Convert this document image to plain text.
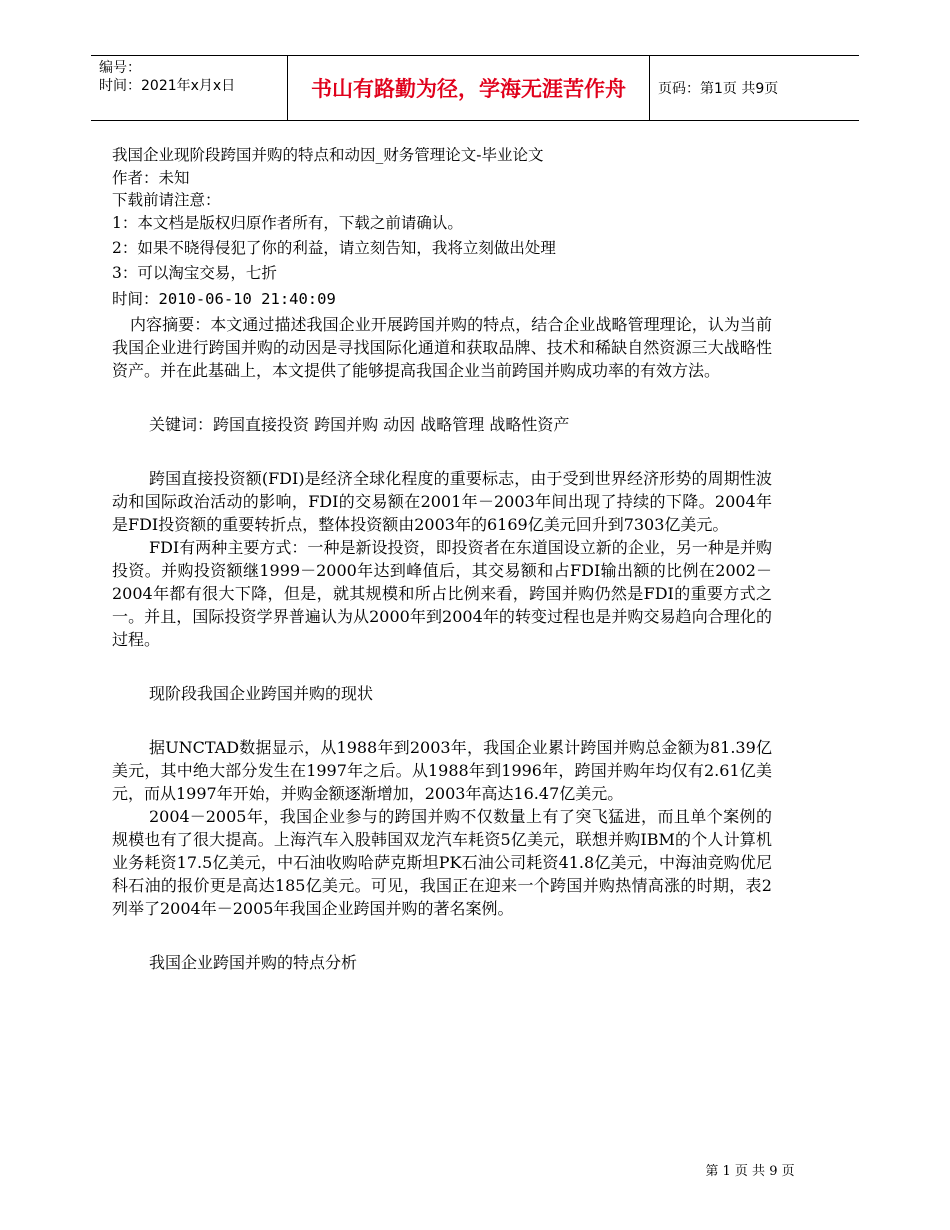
编号：
时间：2021年x月x日	书山有路勤为径，学海无涯苦作舟	页码：第1页 共9页
我国企业现阶段跨国并购的特点和动因_财务管理论文-毕业论文
作者：未知
下载前请注意：
1：本文档是版权归原作者所有，下载之前请确认。
2：如果不晓得侵犯了你的利益，请立刻告知，我将立刻做出处理
3：可以淘宝交易，七折
时间：2010-06-10 21:40:09

内容摘要：本文通过描述我国企业开展跨国并购的特点，结合企业战略管理理论，认为当前我国企业进行跨国并购的动因是寻找国际化通道和获取品牌、技术和稀缺自然资源三大战略性资产。并在此基础上，本文提供了能够提高我国企业当前跨国并购成功率的有效方法。

关键词：跨国直接投资 跨国并购 动因 战略管理 战略性资产

跨国直接投资额(FDI)是经济全球化程度的重要标志，由于受到世界经济形势的周期性波动和国际政治活动的影响，FDI的交易额在2001年－2003年间出现了持续的下降。2004年是FDI投资额的重要转折点，整体投资额由2003年的6169亿美元回升到7303亿美元。

FDI有两种主要方式：一种是新设投资，即投资者在东道国设立新的企业，另一种是并购投资。并购投资额继1999－2000年达到峰值后，其交易额和占FDI输出额的比例在2002－2004年都有很大下降，但是，就其规模和所占比例来看，跨国并购仍然是FDI的重要方式之一。并且，国际投资学界普遍认为从2000年到2004年的转变过程也是并购交易趋向合理化的过程。

现阶段我国企业跨国并购的现状

据UNCTAD数据显示，从1988年到2003年，我国企业累计跨国并购总金额为81.39亿美元，其中绝大部分发生在1997年之后。从1988年到1996年，跨国并购年均仅有2.61亿美元，而从1997年开始，并购金额逐渐增加，2003年高达16.47亿美元。

2004－2005年，我国企业参与的跨国并购不仅数量上有了突飞猛进，而且单个案例的规模也有了很大提高。上海汽车入股韩国双龙汽车耗资5亿美元，联想并购IBM的个人计算机业务耗资17.5亿美元，中石油收购哈萨克斯坦PK石油公司耗资41.8亿美元，中海油竞购优尼科石油的报价更是高达185亿美元。可见，我国正在迎来一个跨国并购热情高涨的时期，表2列举了2004年－2005年我国企业跨国并购的著名案例。

我国企业跨国并购的特点分析

第 1 页 共 9 页
